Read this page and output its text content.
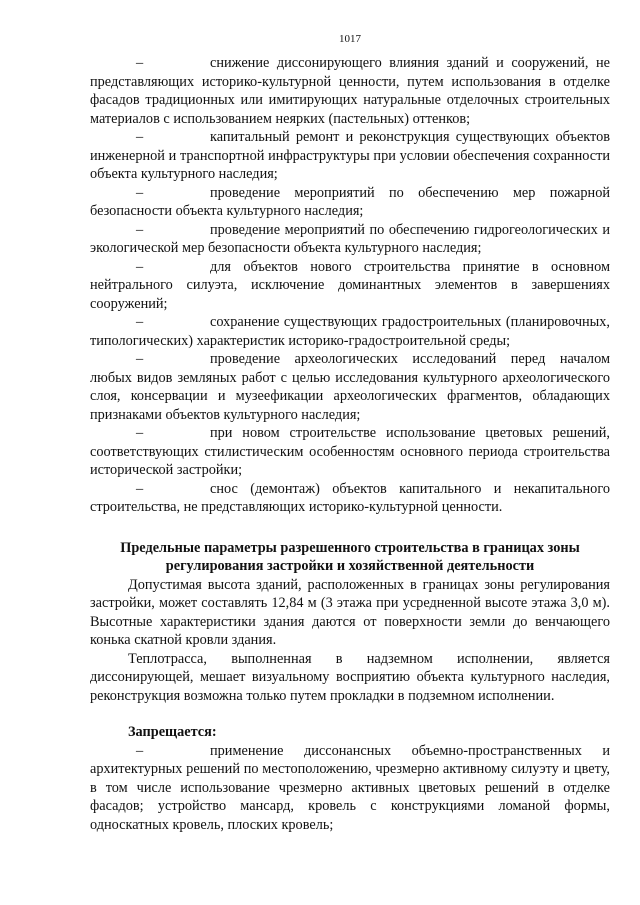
1017

–	снижение диссонирующего влияния зданий и сооружений, не представляющих историко-культурной ценности, путем использования в отделке фасадов традиционных или имитирующих натуральные отделочных строительных материалов с использованием неярких (пастельных) оттенков;

–	капитальный ремонт и реконструкция существующих объектов инженерной и транспортной инфраструктуры при условии обеспечения сохранности объекта культурного наследия;

–	проведение мероприятий по обеспечению мер пожарной безопасности объекта культурного наследия;

–	проведение мероприятий по обеспечению гидрогеологических и экологической мер безопасности объекта культурного наследия;

–	для объектов нового строительства принятие в основном нейтрального силуэта, исключение доминантных элементов в завершениях сооружений;

–	сохранение существующих градостроительных (планировочных, типологических) характеристик историко-градостроительной среды;

–	проведение археологических исследований перед началом любых видов земляных работ с целью исследования культурного археологического слоя, консервации и музеефикации археологических фрагментов, обладающих признаками объектов культурного наследия;

–	при новом строительстве использование цветовых решений, соответствующих стилистическим особенностям основного периода строительства исторической застройки;

–	снос (демонтаж) объектов капитального и некапитального строительства, не представляющих историко-культурной ценности.

Предельные параметры разрешенного строительства в границах зоны регулирования застройки и хозяйственной деятельности

Допустимая высота зданий, расположенных в границах зоны регулирования застройки, может составлять 12,84 м (3 этажа при усредненной высоте этажа 3,0 м). Высотные характеристики здания даются от поверхности земли до венчающего конька скатной кровли здания.

Теплотрасса, выполненная в надземном исполнении, является диссонирующей, мешает визуальному восприятию объекта культурного наследия, реконструкция возможна только путем прокладки в подземном исполнении.

Запрещается:

–	применение диссонансных объемно-пространственных и архитектурных решений по местоположению, чрезмерно активному силуэту и цвету, в том числе использование чрезмерно активных цветовых решений в отделке фасадов; устройство мансард, кровель с конструкциями ломаной формы, односкатных кровель, плоских кровель;
